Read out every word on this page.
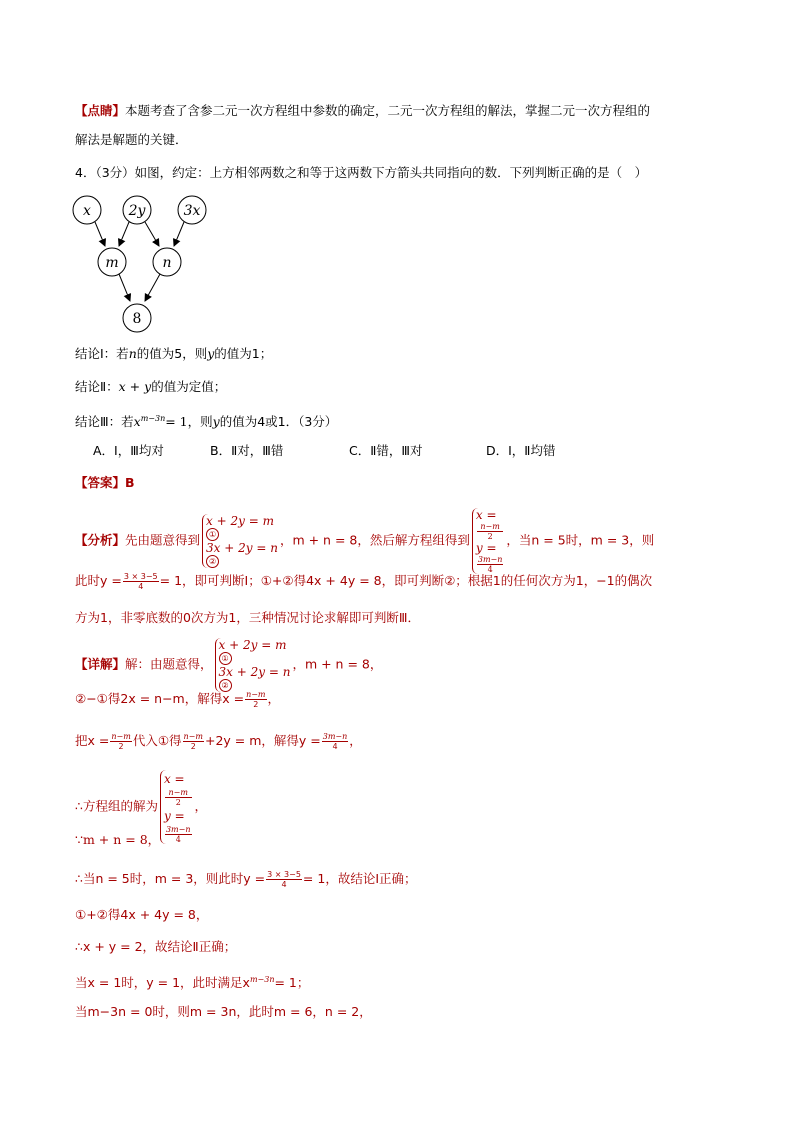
【点睛】本题考查了含参二元一次方程组中参数的确定，二元一次方程组的解法，掌握二元一次方程组的
解法是解题的关键．
4．（3分）如图，约定：上方相邻两数之和等于这两数下方箭头共同指向的数．下列判断正确的是（　）
x	2y	3x
m	n
8
结论Ⅰ：若n的值为5，则y的值为1；
结论Ⅱ：x + y的值为定值；
结论Ⅲ：若$x^{m-3n}= 1$，则y的值为4或1．（3分）
A．Ⅰ，Ⅲ均对	B．Ⅱ对，Ⅲ错	C．Ⅱ错，Ⅲ对	D．Ⅰ，Ⅱ均错
【答案】B
【分析】先由题意得到
x + 2y = m
①
3x + 2y = n
②
，m + n = 8，然后解方程组得到
x =
n−m
2
y =
3m−n
4
，当n = 5时，m = 3，则
此时$y = \frac{3 \times 3-5}{4} = 1$，即可判断Ⅰ；①+②得4x + 4y = 8，即可判断②；根据1的任何次方为1，−1的偶次
方为1，非零底数的0次方为1，三种情况讨论求解即可判断Ⅲ．
【详解】解：由题意得，
x + 2y = m
①
3x + 2y = n
②
，m + n = 8，
②−①得2x = n−m，解得$x = \frac{n-m}{2}$ ，
把$x = \frac{n-m}{2}$ 代入①得 $\frac{n-m}{2} +2y = m$，解得$y = \frac{3m-n}{4}$ ，
∴方程组的解为
x =
n−m
2
y =
3m−n
4
，
∵m + n = 8，
∴当n = 5时，m = 3，则此时$y = \frac{3 \times 3-5}{4} = 1$，故结论Ⅰ正确；
①+②得4x + 4y = 8，
∴x + y = 2，故结论Ⅱ正确；
当x = 1时，y = 1，此时满足$x^{m-3n}= 1$；
当m−3n = 0时，则m = 3n，此时m = 6，n = 2，
